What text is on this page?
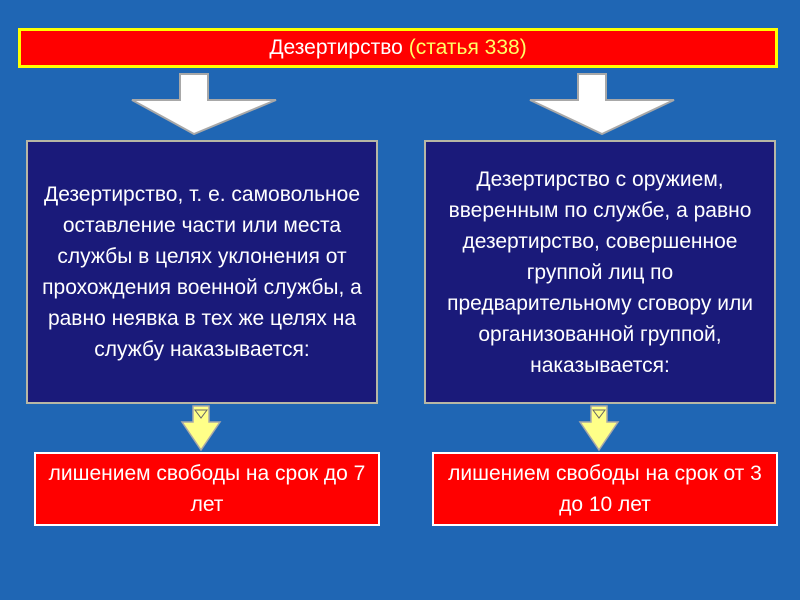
Дезертирство (статья 338)
Дезертирство, т. е. самовольное оставление части или места службы в целях уклонения от прохождения военной службы, а равно неявка в тех же целях на службу наказывается:
Дезертирство с оружием, вверенным по службе, а равно дезертирство, совершенное группой лиц по предварительному сговору или организованной группой, наказывается:
лишением свободы на срок до 7 лет
лишением свободы на срок от 3 до 10 лет
